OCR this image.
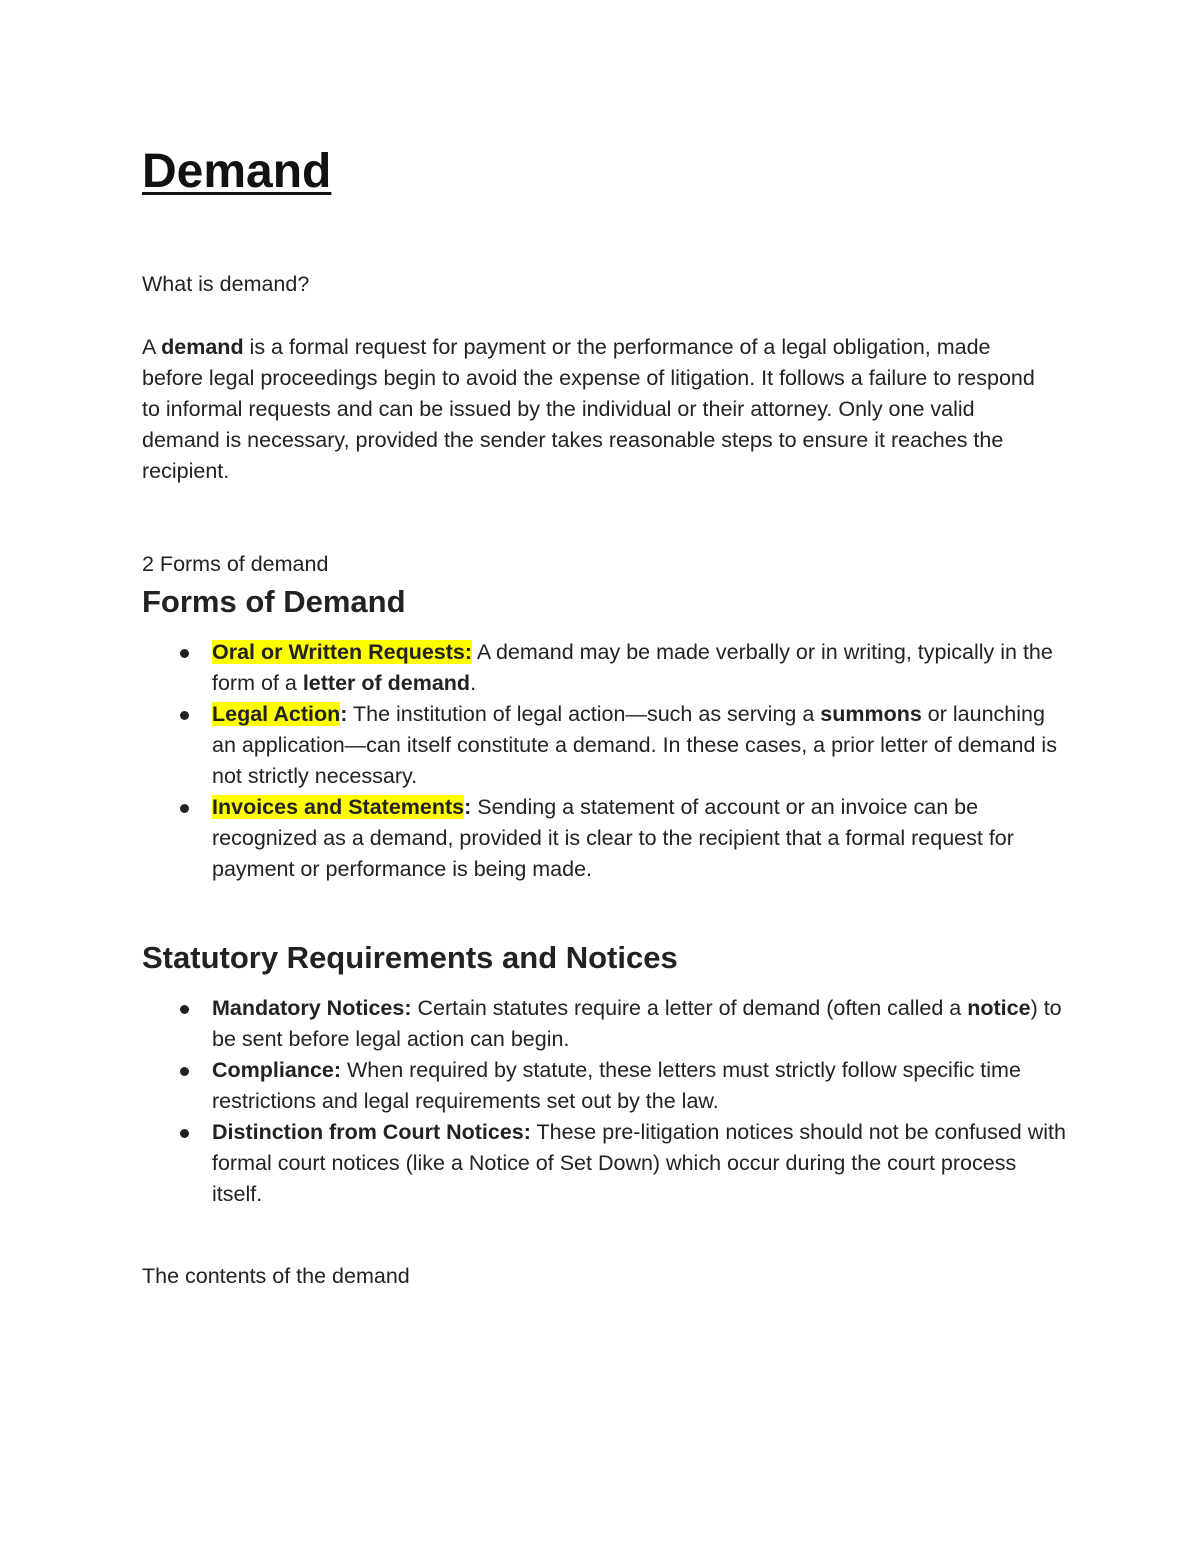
Demand

What is demand?

A demand is a formal request for payment or the performance of a legal obligation, made before legal proceedings begin to avoid the expense of litigation. It follows a failure to respond to informal requests and can be issued by the individual or their attorney. Only one valid demand is necessary, provided the sender takes reasonable steps to ensure it reaches the recipient.

2 Forms of demand

Forms of Demand
Oral or Written Requests: A demand may be made verbally or in writing, typically in the form of a letter of demand.
Legal Action: The institution of legal action—such as serving a summons or launching an application—can itself constitute a demand. In these cases, a prior letter of demand is not strictly necessary.
Invoices and Statements: Sending a statement of account or an invoice can be recognized as a demand, provided it is clear to the recipient that a formal request for payment or performance is being made.
Statutory Requirements and Notices
Mandatory Notices: Certain statutes require a letter of demand (often called a notice) to be sent before legal action can begin.
Compliance: When required by statute, these letters must strictly follow specific time restrictions and legal requirements set out by the law.
Distinction from Court Notices: These pre-litigation notices should not be confused with formal court notices (like a Notice of Set Down) which occur during the court process itself.

The contents of the demand
